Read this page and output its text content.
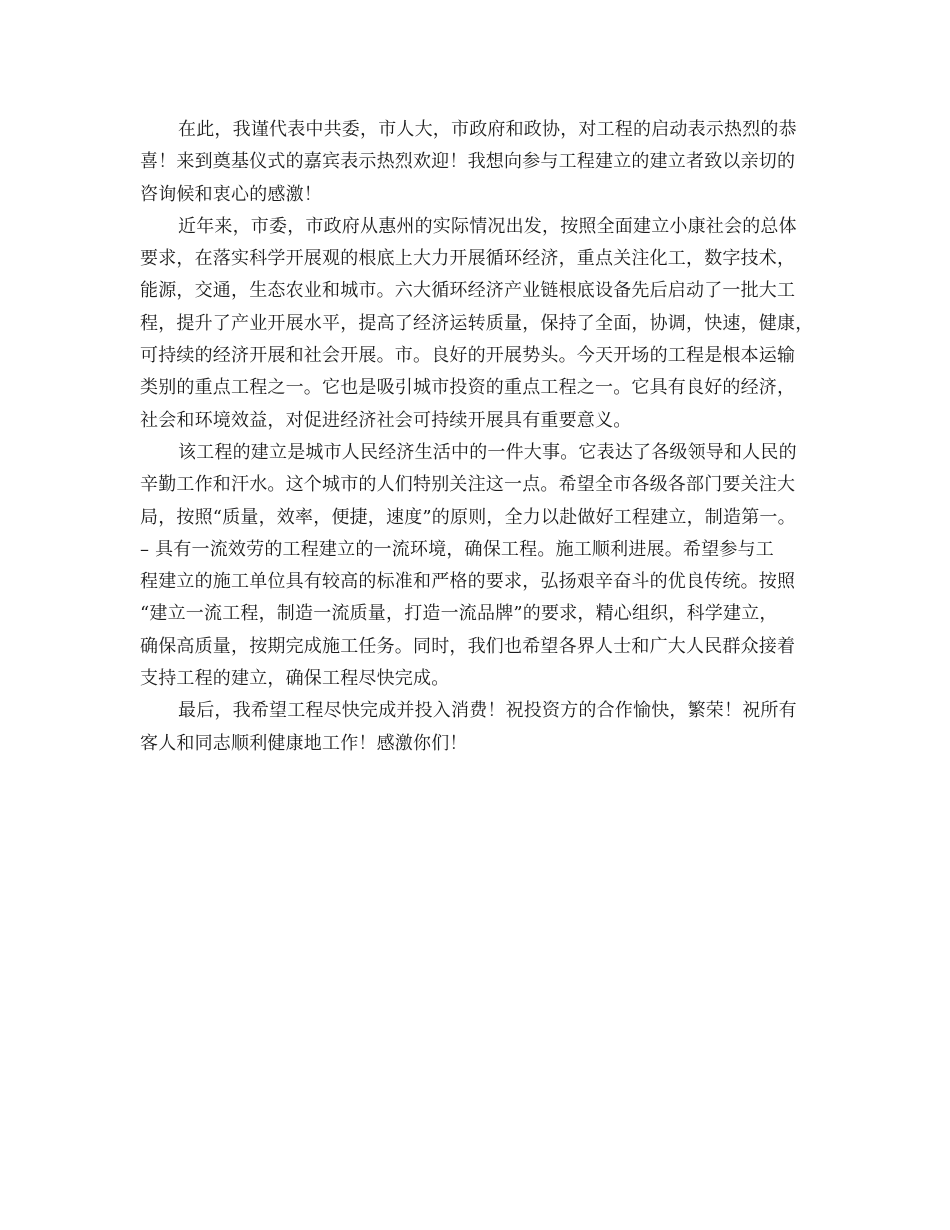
在此，我谨代表中共委，市人大，市政府和政协，对工程的启动表示热烈的恭
喜！来到奠基仪式的嘉宾表示热烈欢迎！我想向参与工程建立的建立者致以亲切的
咨询候和衷心的感激！

近年来，市委，市政府从惠州的实际情况出发，按照全面建立小康社会的总体
要求，在落实科学开展观的根底上大力开展循环经济，重点关注化工，数字技术，
能源，交通，生态农业和城市。六大循环经济产业链根底设备先后启动了一批大工
程，提升了产业开展水平，提高了经济运转质量，保持了全面，协调，快速，健康，
可持续的经济开展和社会开展。市。良好的开展势头。今天开场的工程是根本运输
类别的重点工程之一。它也是吸引城市投资的重点工程之一。它具有良好的经济，
社会和环境效益，对促进经济社会可持续开展具有重要意义。

该工程的建立是城市人民经济生活中的一件大事。它表达了各级领导和人民的
辛勤工作和汗水。这个城市的人们特别关注这一点。希望全市各级各部门要关注大
局，按照“质量，效率，便捷，速度”的原则，全力以赴做好工程建立，制造第一。
– 具有一流效劳的工程建立的一流环境，确保工程。施工顺利进展。希望参与工
程建立的施工单位具有较高的标准和严格的要求，弘扬艰辛奋斗的优良传统。按照
“建立一流工程，制造一流质量，打造一流品牌”的要求，精心组织，科学建立，
确保高质量，按期完成施工任务。同时，我们也希望各界人士和广大人民群众接着
支持工程的建立，确保工程尽快完成。

最后，我希望工程尽快完成并投入消费！祝投资方的合作愉快，繁荣！祝所有
客人和同志顺利健康地工作！感激你们！
